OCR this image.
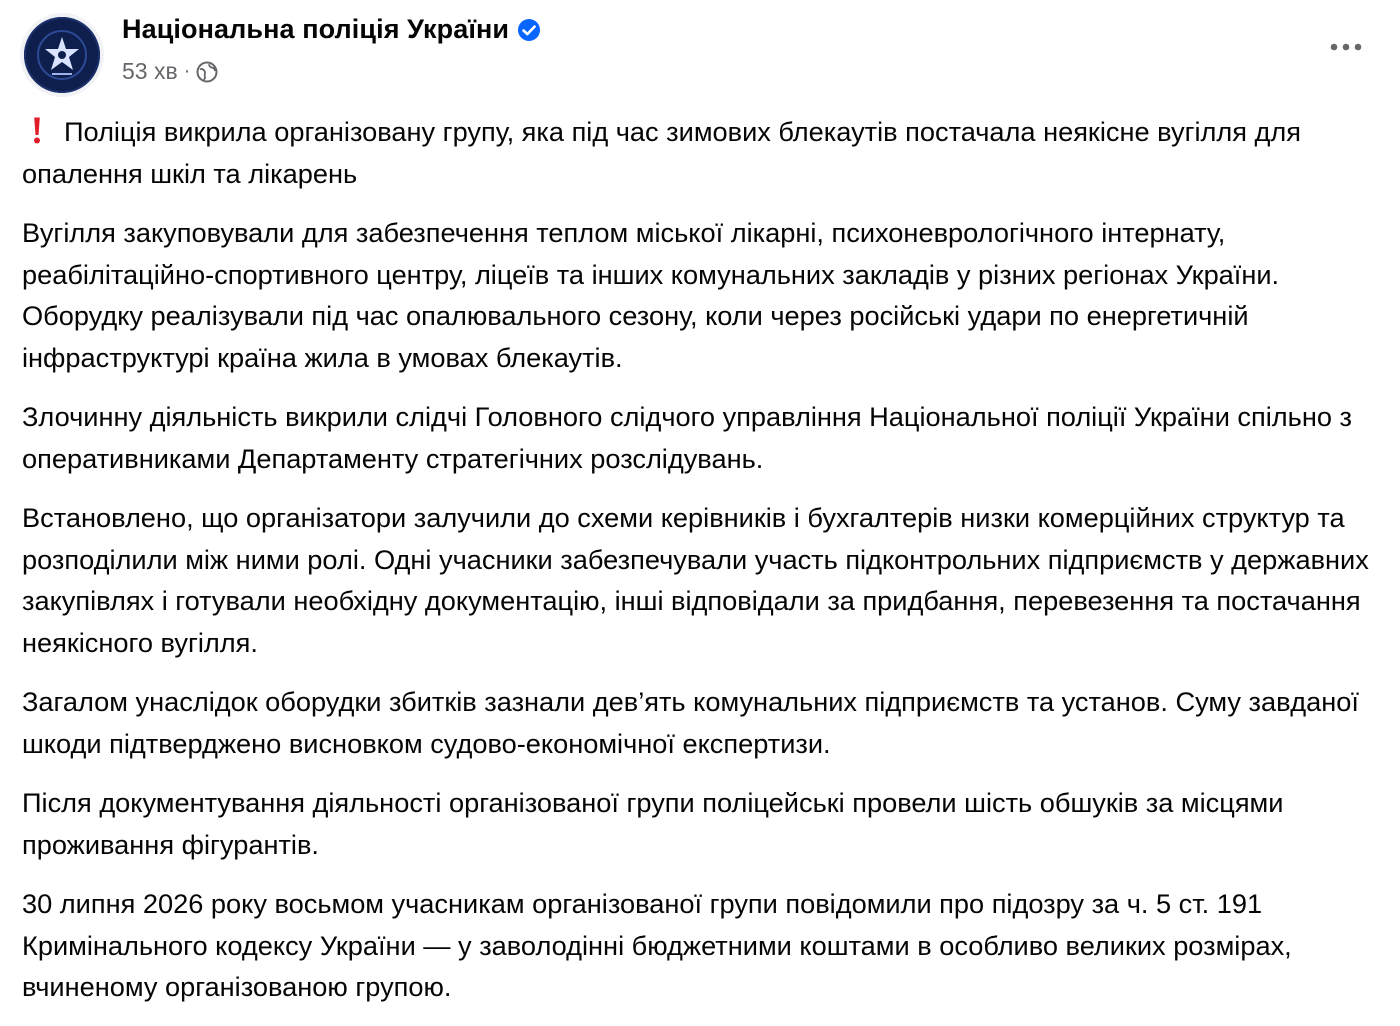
Національна поліція України
53 хв ·

Поліція викрила організовану групу, яка під час зимових блекаутів постачала неякісне вугілля для опалення шкіл та лікарень

Вугілля закуповували для забезпечення теплом міської лікарні, психоневрологічного інтернату, реабілітаційно-спортивного центру, ліцеїв та інших комунальних закладів у різних регіонах України. Оборудку реалізували під час опалювального сезону, коли через російські удари по енергетичній інфраструктурі країна жила в умовах блекаутів.

Злочинну діяльність викрили слідчі Головного слідчого управління Національної поліції України спільно з оперативниками Департаменту стратегічних розслідувань.

Встановлено, що організатори залучили до схеми керівників і бухгалтерів низки комерційних структур та розподілили між ними ролі. Одні учасники забезпечували участь підконтрольних підприємств у державних закупівлях і готували необхідну документацію, інші відповідали за придбання, перевезення та постачання неякісного вугілля.

Загалом унаслідок оборудки збитків зазнали дев’ять комунальних підприємств та установ. Суму завданої шкоди підтверджено висновком судово-економічної експертизи.

Після документування діяльності організованої групи поліцейські провели шість обшуків за місцями проживання фігурантів.

30 липня 2026 року восьмом учасникам організованої групи повідомили про підозру за ч. 5 ст. 191 Кримінального кодексу України — у заволодінні бюджетними коштами в особливо великих розмірах, вчиненому організованою групою.
